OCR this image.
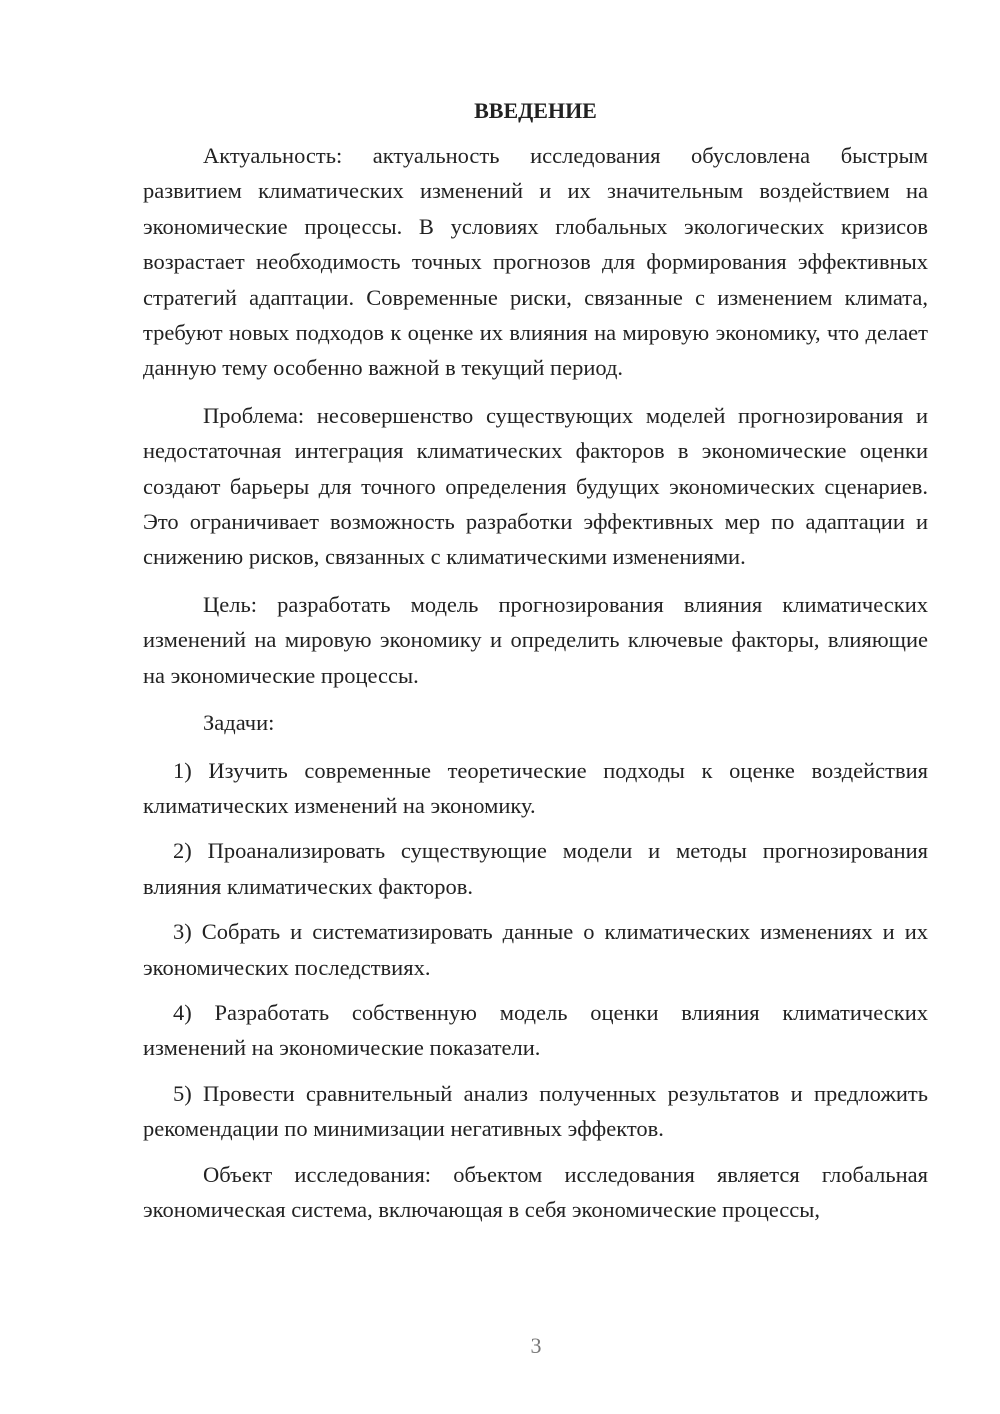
ВВЕДЕНИЕ

Актуальность: актуальность исследования обусловлена быстрым развитием климатических изменений и их значительным воздействием на экономические процессы. В условиях глобальных экологических кризисов возрастает необходимость точных прогнозов для формирования эффективных стратегий адаптации. Современные риски, связанные с изменением климата, требуют новых подходов к оценке их влияния на мировую экономику, что делает данную тему особенно важной в текущий период.

Проблема: несовершенство существующих моделей прогнозирования и недостаточная интеграция климатических факторов в экономические оценки создают барьеры для точного определения будущих экономических сценариев. Это ограничивает возможность разработки эффективных мер по адаптации и снижению рисков, связанных с климатическими изменениями.

Цель: разработать модель прогнозирования влияния климатических изменений на мировую экономику и определить ключевые факторы, влияющие на экономические процессы.

Задачи:

1) Изучить современные теоретические подходы к оценке воздействия климатических изменений на экономику.

2) Проанализировать существующие модели и методы прогнозирования влияния климатических факторов.

3) Собрать и систематизировать данные о климатических изменениях и их экономических последствиях.

4) Разработать собственную модель оценки влияния климатических изменений на экономические показатели.

5) Провести сравнительный анализ полученных результатов и предложить рекомендации по минимизации негативных эффектов.

Объект исследования: объектом исследования является глобальная экономическая система, включающая в себя экономические процессы,

3
